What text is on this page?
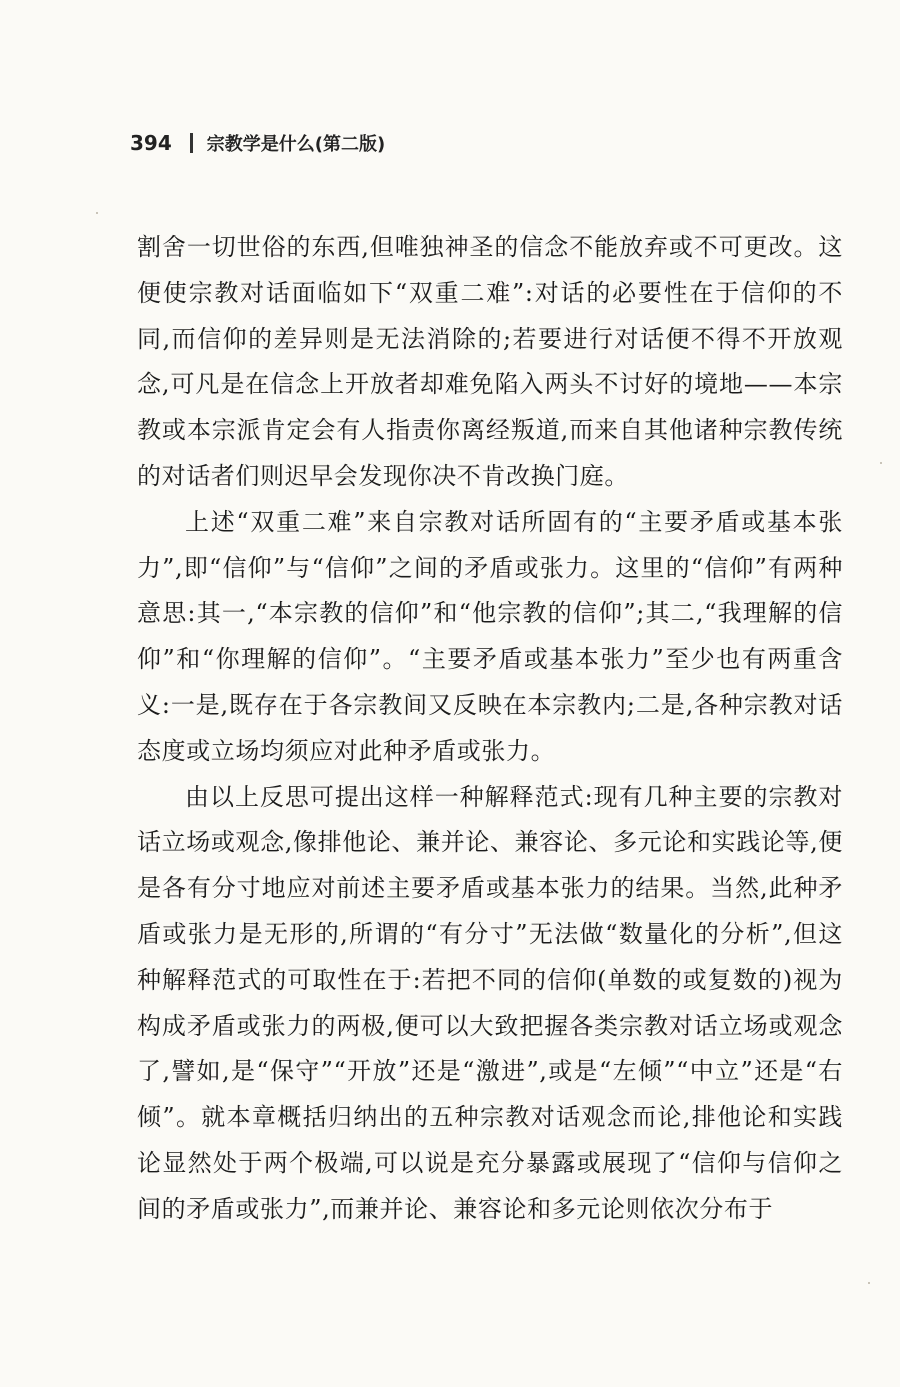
394 宗教学是什么(第二版)

割舍一切世俗的东西,但唯独神圣的信念不能放弃或不可更改。这便使宗教对话面临如下“双重二难”:对话的必要性在于信仰的不同,而信仰的差异则是无法消除的;若要进行对话便不得不开放观念,可凡是在信念上开放者却难免陷入两头不讨好的境地——本宗教或本宗派肯定会有人指责你离经叛道,而来自其他诸种宗教传统的对话者们则迟早会发现你决不肯改换门庭。

上述“双重二难”来自宗教对话所固有的“主要矛盾或基本张力”,即“信仰”与“信仰”之间的矛盾或张力。这里的“信仰”有两种意思:其一,“本宗教的信仰”和“他宗教的信仰”;其二,“我理解的信仰”和“你理解的信仰”。“主要矛盾或基本张力”至少也有两重含义:一是,既存在于各宗教间又反映在本宗教内;二是,各种宗教对话态度或立场均须应对此种矛盾或张力。

由以上反思可提出这样一种解释范式:现有几种主要的宗教对话立场或观念,像排他论、兼并论、兼容论、多元论和实践论等,便是各有分寸地应对前述主要矛盾或基本张力的结果。当然,此种矛盾或张力是无形的,所谓的“有分寸”无法做“数量化的分析”,但这种解释范式的可取性在于:若把不同的信仰(单数的或复数的)视为构成矛盾或张力的两极,便可以大致把握各类宗教对话立场或观念了,譬如,是“保守”“开放”还是“激进”,或是“左倾”“中立”还是“右倾”。就本章概括归纳出的五种宗教对话观念而论,排他论和实践论显然处于两个极端,可以说是充分暴露或展现了“信仰与信仰之间的矛盾或张力”,而兼并论、兼容论和多元论则依次分布于
